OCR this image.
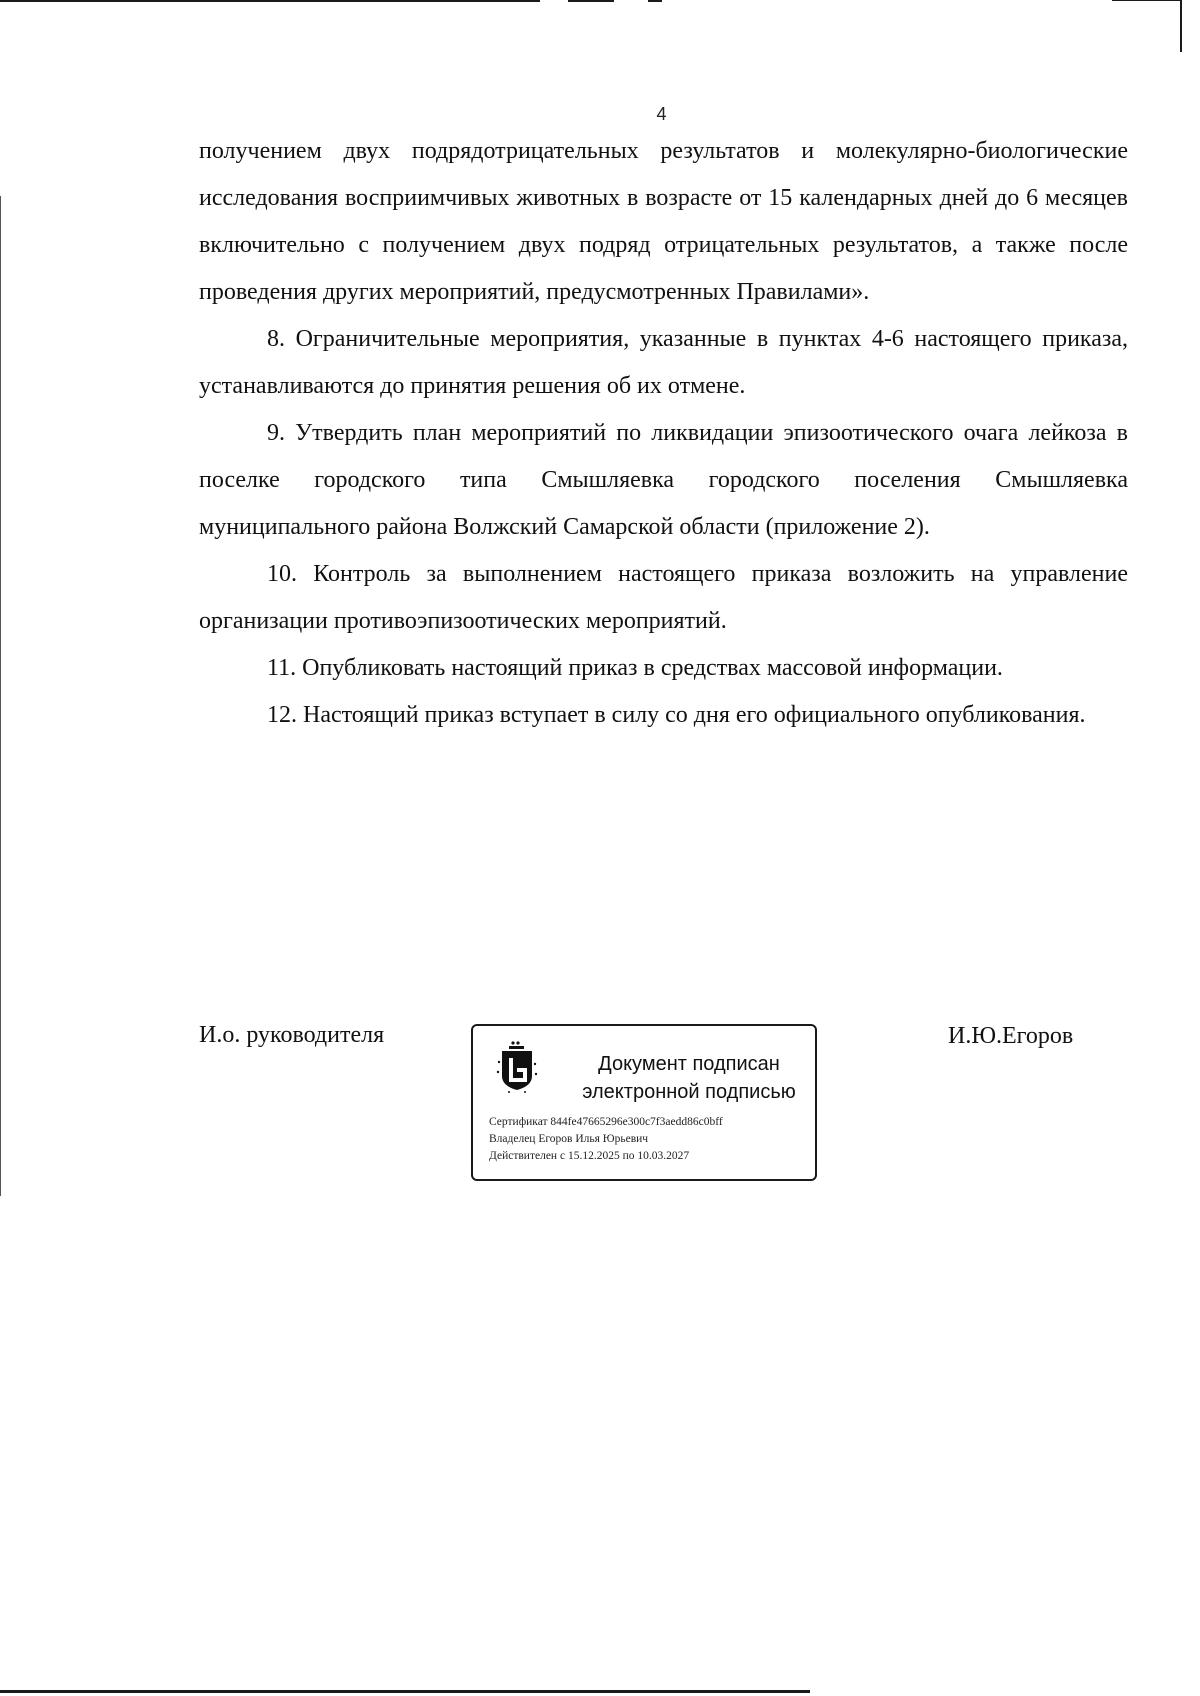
4

получением двух подрядотрицательных результатов и молекулярно-биологические исследования восприимчивых животных в возрасте от 15 календарных дней до 6 месяцев включительно с получением двух подряд отрицательных результатов, а также после проведения других мероприятий, предусмотренных Правилами».

8. Ограничительные мероприятия, указанные в пунктах 4-6 настоящего приказа, устанавливаются до принятия решения об их отмене.

9. Утвердить план мероприятий по ликвидации эпизоотического очага лейкоза в поселке городского типа Смышляевка городского поселения Смышляевка муниципального района Волжский Самарской области (приложение 2).

10. Контроль за выполнением настоящего приказа возложить на управление организации противоэпизоотических мероприятий.

11. Опубликовать настоящий приказ в средствах массовой информации.

12. Настоящий приказ вступает в силу со дня его официального опубликования.

И.о. руководителя
Документ подписан
электронной подписью
Сертификат 844fe47665296e300c7f3aedd86c0bff
Владелец Егоров Илья Юрьевич
Действителен с 15.12.2025 по 10.03.2027
И.Ю.Егоров
